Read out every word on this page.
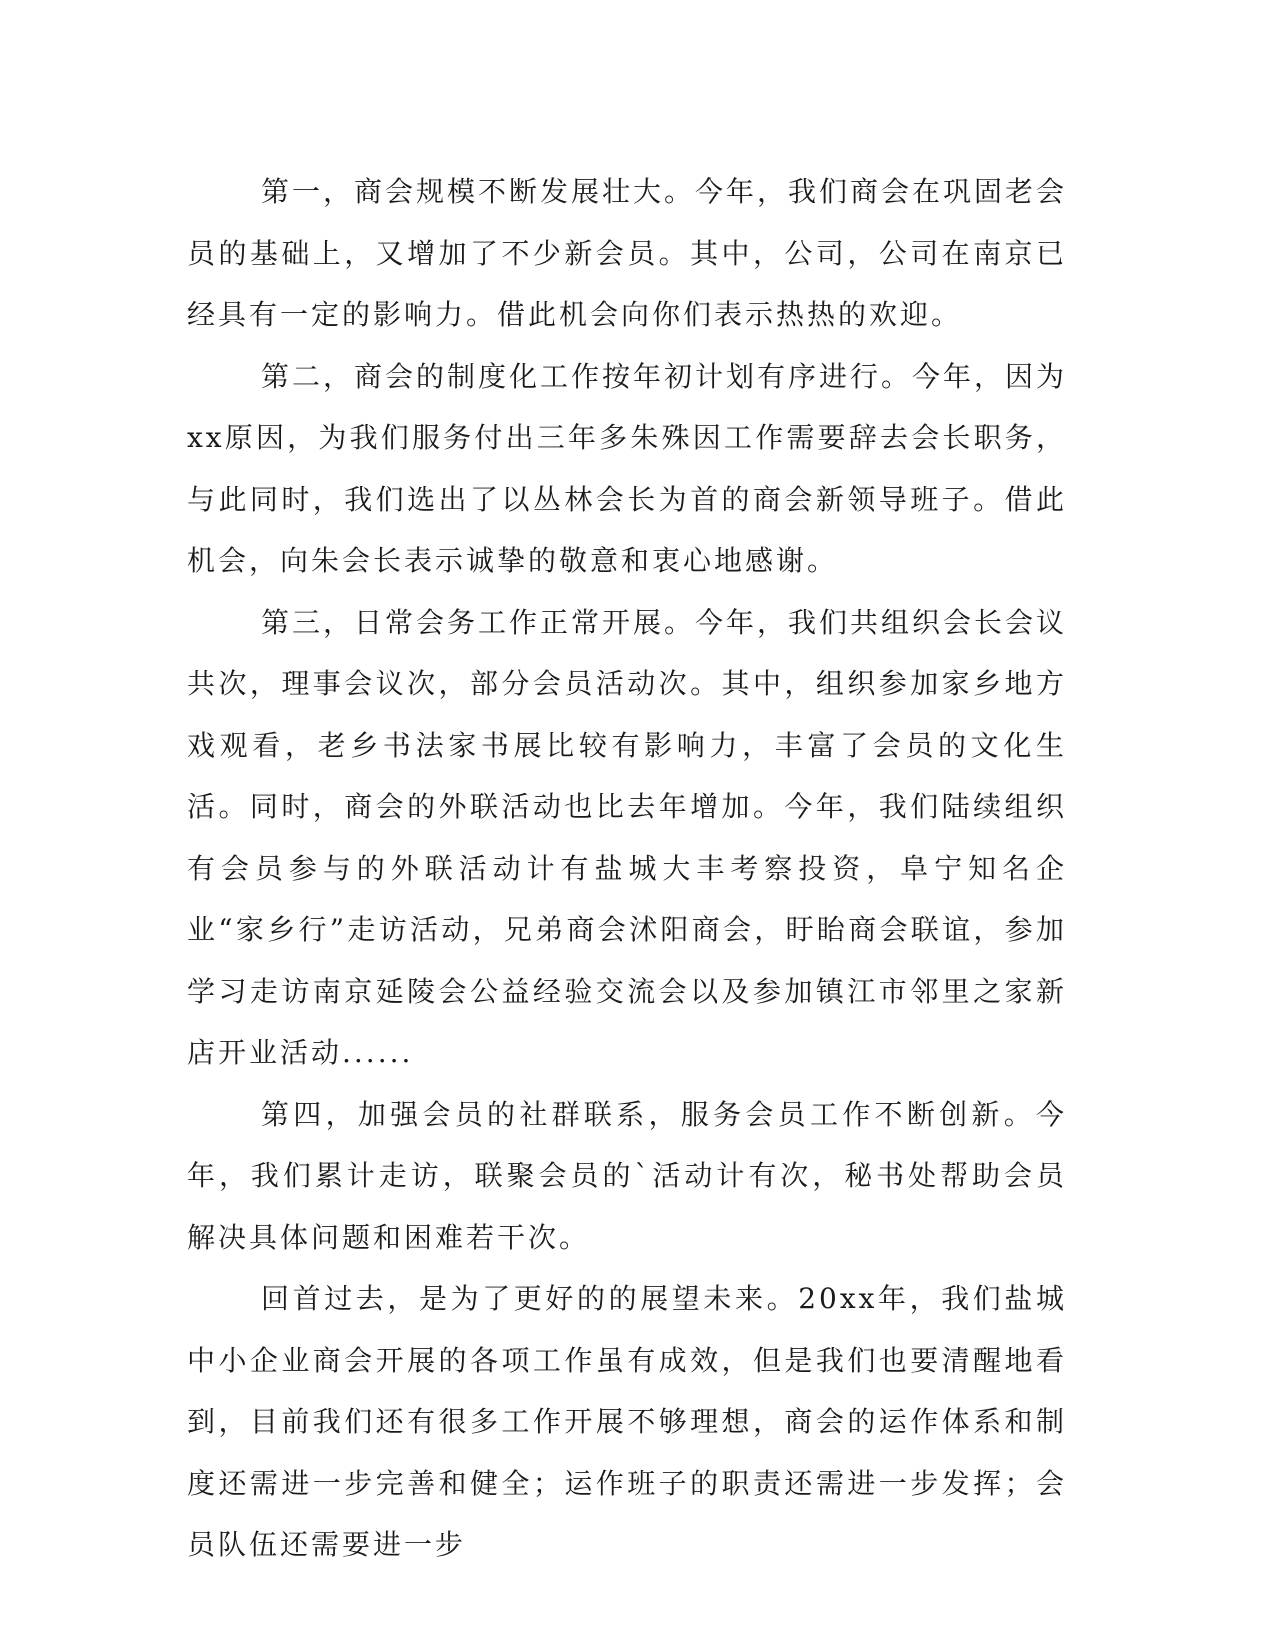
第一，商会规模不断发展壮大。今年，我们商会在巩固老会员的基础上，又增加了不少新会员。其中，公司，公司在南京已经具有一定的影响力。借此机会向你们表示热热的欢迎。

第二，商会的制度化工作按年初计划有序进行。今年，因为xx原因，为我们服务付出三年多朱殊因工作需要辞去会长职务，与此同时，我们选出了以丛林会长为首的商会新领导班子。借此机会，向朱会长表示诚挚的敬意和衷心地感谢。

第三，日常会务工作正常开展。今年，我们共组织会长会议共次，理事会议次，部分会员活动次。其中，组织参加家乡地方戏观看，老乡书法家书展比较有影响力，丰富了会员的文化生活。同时，商会的外联活动也比去年增加。今年，我们陆续组织有会员参与的外联活动计有盐城大丰考察投资，阜宁知名企业“家乡行”走访活动，兄弟商会沭阳商会，盱眙商会联谊，参加学习走访南京延陵会公益经验交流会以及参加镇江市邻里之家新店开业活动......

第四，加强会员的社群联系，服务会员工作不断创新。今年，我们累计走访，联聚会员的`活动计有次，秘书处帮助会员解决具体问题和困难若干次。

回首过去，是为了更好的的展望未来。20xx年，我们盐城中小企业商会开展的各项工作虽有成效，但是我们也要清醒地看到，目前我们还有很多工作开展不够理想，商会的运作体系和制度还需进一步完善和健全；运作班子的职责还需进一步发挥；会员队伍还需要进一步
